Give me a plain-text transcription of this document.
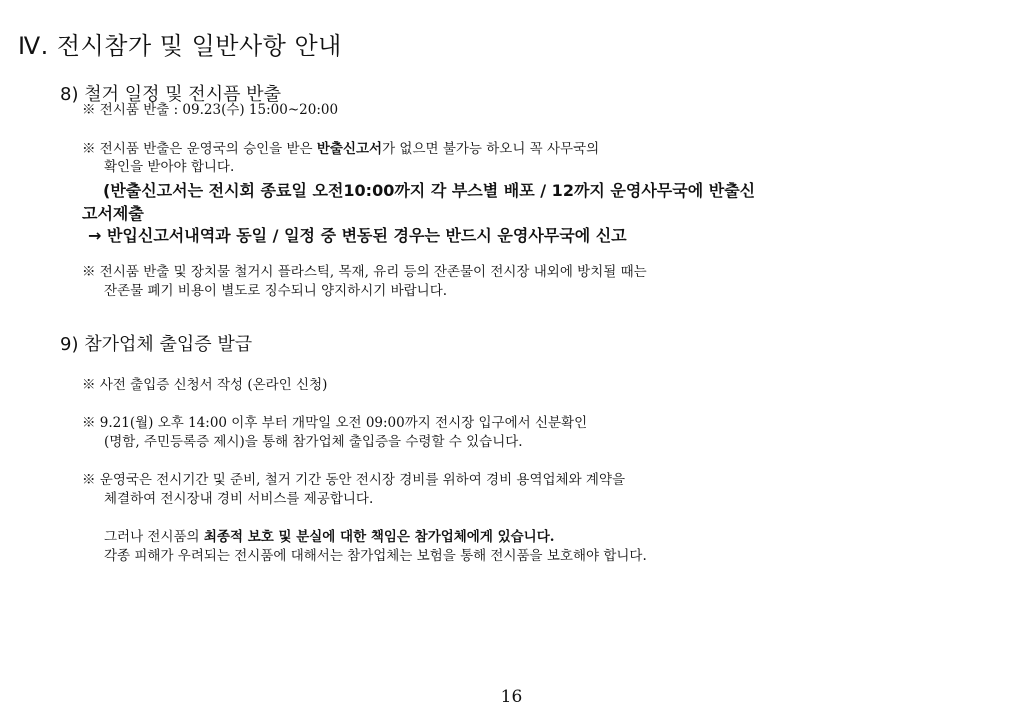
Ⅳ. 전시참가 및 일반사항 안내
8) 철거 일정 및 전시픔 반출
※ 전시품 반출 : 09.23(수) 15:00~20:00
※ 전시품 반출은 운영국의 승인을 받은 반출신고서가 없으면 불가능 하오니 꼭 사무국의
확인을 받아야 합니다.
(반출신고서는 전시회 종료일 오전10:00까지 각 부스별 배포 / 12까지 운영사무국에 반출신
고서제출
→ 반입신고서내역과 동일 / 일정 중 변동된 경우는 반드시 운영사무국에 신고
※ 전시품 반출 및 장치물 철거시 플라스틱, 목재, 유리 등의 잔존물이 전시장 내외에 방치될 때는
잔존물 폐기 비용이 별도로 징수되니 양지하시기 바랍니다.
9) 참가업체 출입증 발급
※ 사전 출입증 신청서 작성 (온라인 신청)
※ 9.21(월) 오후 14:00 이후 부터 개막일 오전 09:00까지 전시장 입구에서 신분확인
(명함, 주민등록증 제시)을 통해 참가업체 출입증을 수령할 수 있습니다.
※ 운영국은 전시기간 및 준비, 철거 기간 동안 전시장 경비를 위하여 경비 용역업체와 계약을
체결하여 전시장내 경비 서비스를 제공합니다.
그러나 전시품의 최종적 보호 및 분실에 대한 책임은 참가업체에게 있습니다.
각종 피해가 우려되는 전시품에 대해서는 참가업체는 보험을 통해 전시품을 보호해야 합니다.
16
